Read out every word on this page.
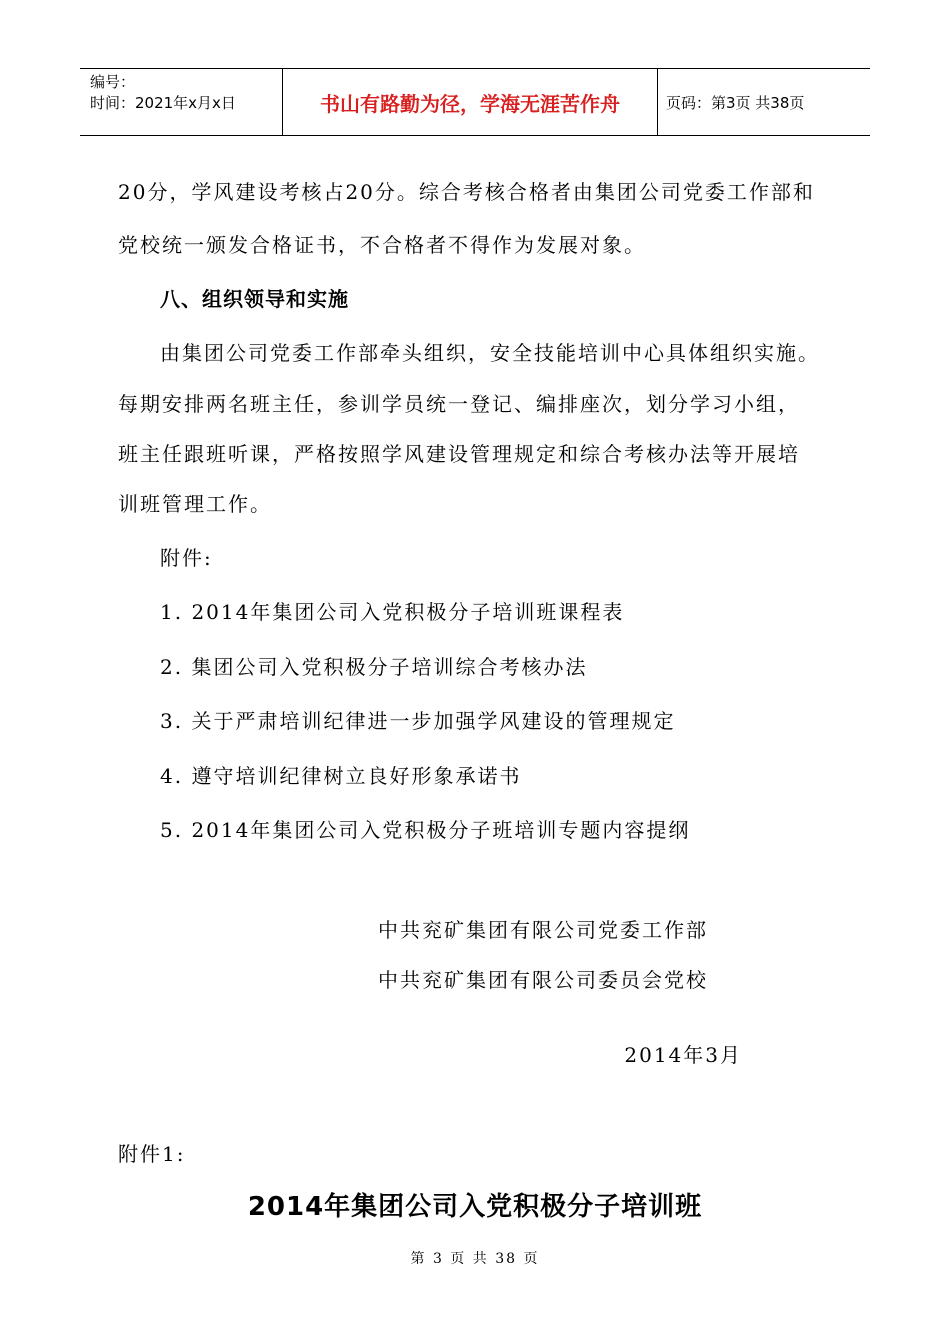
编号：
时间：2021年x月x日	书山有路勤为径，学海无涯苦作舟	页码：第3页 共38页
20分，学风建设考核占20分。综合考核合格者由集团公司党委工作部和
党校统一颁发合格证书，不合格者不得作为发展对象。
八、组织领导和实施
由集团公司党委工作部牵头组织，安全技能培训中心具体组织实施。
每期安排两名班主任，参训学员统一登记、编排座次，划分学习小组，
班主任跟班听课，严格按照学风建设管理规定和综合考核办法等开展培
训班管理工作。
附件:
1. 2014年集团公司入党积极分子培训班课程表
2. 集团公司入党积极分子培训综合考核办法
3. 关于严肃培训纪律进一步加强学风建设的管理规定
4. 遵守培训纪律树立良好形象承诺书
5. 2014年集团公司入党积极分子班培训专题内容提纲
中共兖矿集团有限公司党委工作部
中共兖矿集团有限公司委员会党校
2014年3月
附件1:
2014年集团公司入党积极分子培训班
第 3 页 共 38 页
